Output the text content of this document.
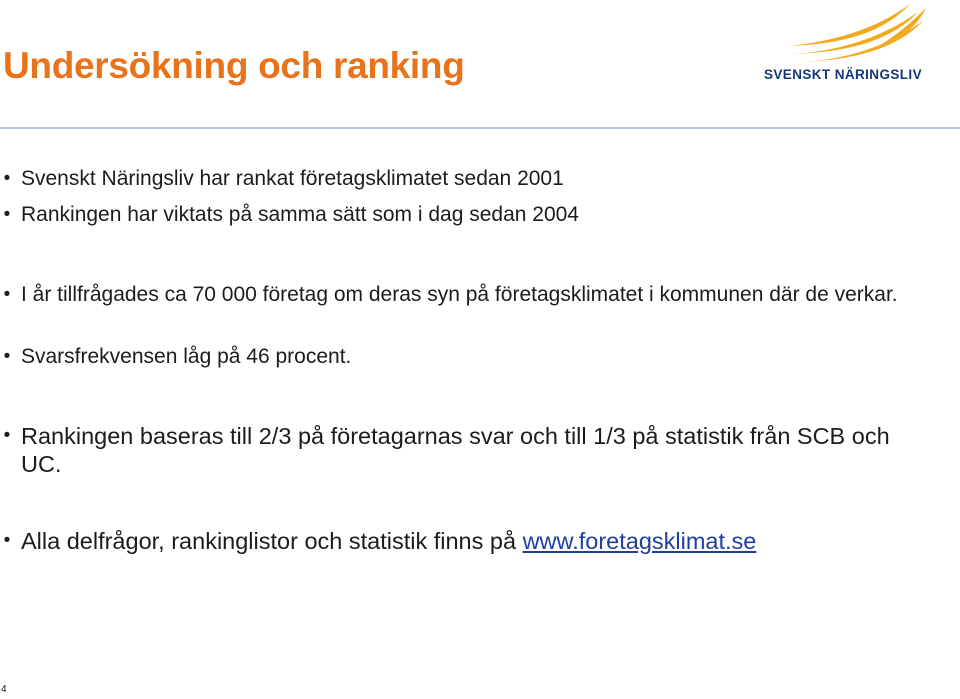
Undersökning och ranking	SVENSKT NÄRINGSLIV
• Svenskt Näringsliv har rankat företagsklimatet sedan 2001
• Rankingen har viktats på samma sätt som i dag sedan 2004
• I år tillfrågades ca 70 000 företag om deras syn på företagsklimatet i kommunen där de verkar.
• Svarsfrekvensen låg på 46 procent.
• Rankingen baseras till 2/3 på företagarnas svar och till 1/3 på statistik från SCB och UC.
• Alla delfrågor, rankinglistor och statistik finns på www.foretagsklimat.se
4
